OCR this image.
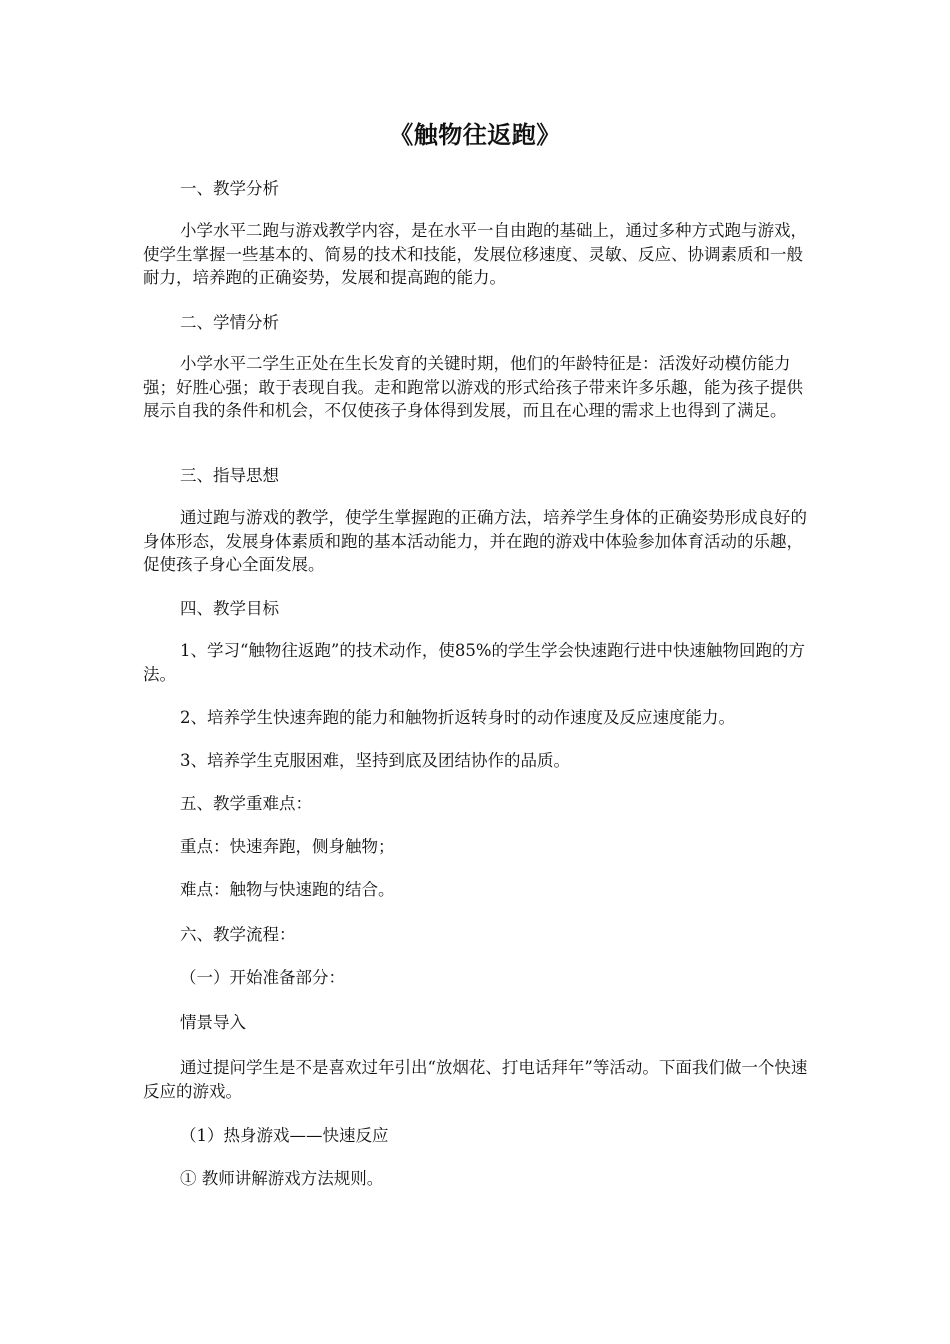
《触物往返跑》

一、教学分析

小学水平二跑与游戏教学内容，是在水平一自由跑的基础上，通过多种方式跑与游戏，使学生掌握一些基本的、简易的技术和技能，发展位移速度、灵敏、反应、协调素质和一般耐力，培养跑的正确姿势，发展和提高跑的能力。

二、学情分析

小学水平二学生正处在生长发育的关键时期，他们的年龄特征是：活泼好动模仿能力强；好胜心强；敢于表现自我。走和跑常以游戏的形式给孩子带来许多乐趣，能为孩子提供展示自我的条件和机会，不仅使孩子身体得到发展，而且在心理的需求上也得到了满足。

三、指导思想

通过跑与游戏的教学，使学生掌握跑的正确方法，培养学生身体的正确姿势形成良好的身体形态，发展身体素质和跑的基本活动能力，并在跑的游戏中体验参加体育活动的乐趣，促使孩子身心全面发展。

四、教学目标

1、学习“触物往返跑”的技术动作，使85%的学生学会快速跑行进中快速触物回跑的方法。

2、培养学生快速奔跑的能力和触物折返转身时的动作速度及反应速度能力。

3、培养学生克服困难，坚持到底及团结协作的品质。

五、教学重难点：

重点：快速奔跑，侧身触物；

难点：触物与快速跑的结合。

六、教学流程：

（一）开始准备部分：

情景导入

通过提问学生是不是喜欢过年引出“放烟花、打电话拜年”等活动。下面我们做一个快速反应的游戏。

（1）热身游戏——快速反应

① 教师讲解游戏方法规则。
